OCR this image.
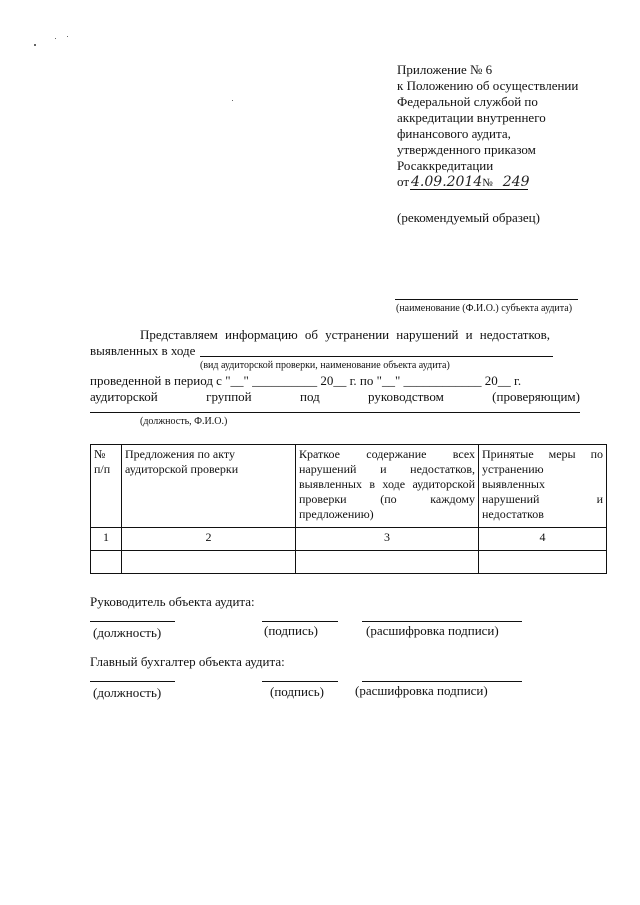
Приложение № 6
к Положению об осуществлении
Федеральной службой по
аккредитации внутреннего
финансового аудита,
утвержденного приказом
Росаккредитации
от 4.09.2014№ 249
(рекомендуемый образец)
(наименование (Ф.И.О.) субъекта аудита)
Представляем информацию об устранении нарушений и недостатков,
выявленных в ходе
(вид аудиторской проверки, наименование объекта аудита)
проведенной в период с "__" __________ 20__ г. по "__" ____________ 20__ г.
аудиторской	группой	под	руководством	(проверяющим)
(должность, Ф.И.О.)
№ п/п	Предложения по акту аудиторской проверки	Краткое содержание всех нарушений и недостатков, выявленных в ходе аудиторской проверки (по каждому предложению)	Принятые меры по устранению выявленных нарушений и недостатков
1	2	3	4

Руководитель объекта аудита:
(должность)	(подпись)	(расшифровка подписи)
Главный бухгалтер объекта аудита:
(должность)	(подпись) (расшифровка подписи)
